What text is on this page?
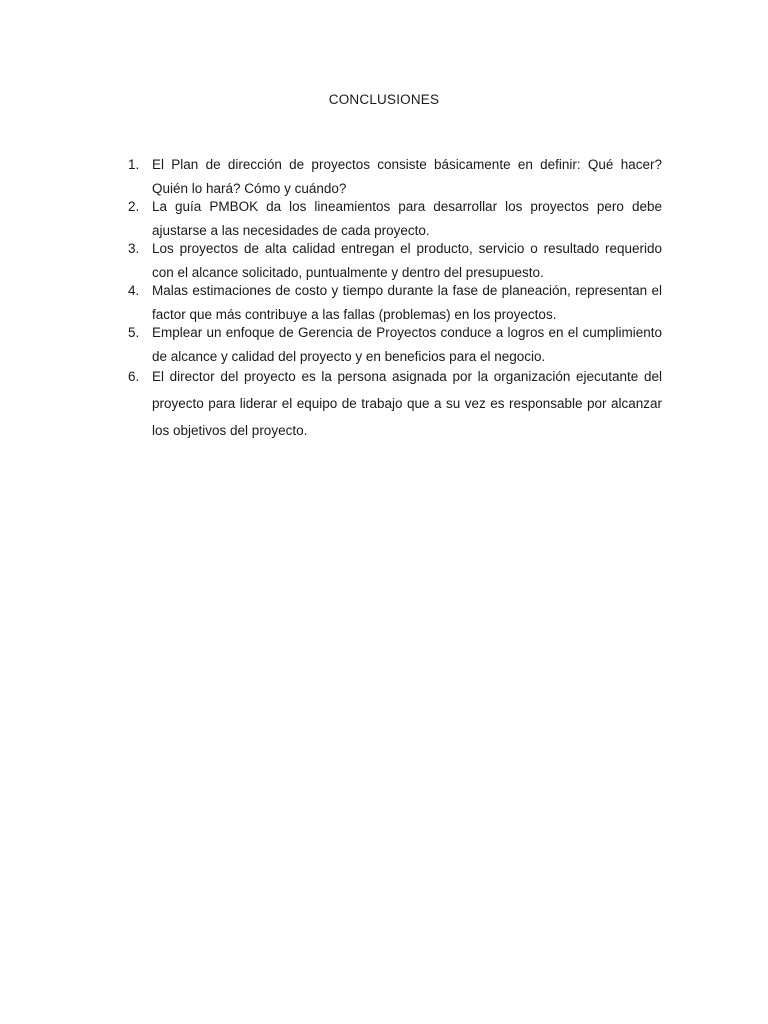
CONCLUSIONES
1. El Plan de dirección de proyectos consiste básicamente en definir: Qué hacer? Quién lo hará? Cómo y cuándo?
2. La guía PMBOK da los lineamientos para desarrollar los proyectos pero debe ajustarse a las necesidades de cada proyecto.
3. Los proyectos de alta calidad entregan el producto, servicio o resultado requerido con el alcance solicitado, puntualmente y dentro del presupuesto.
4. Malas estimaciones de costo y tiempo durante la fase de planeación, representan el factor que más contribuye a las fallas (problemas) en los proyectos.
5. Emplear un enfoque de Gerencia de Proyectos conduce a logros en el cumplimiento de alcance y calidad del proyecto y en beneficios para el negocio.
6. El director del proyecto es la persona asignada por la organización ejecutante del proyecto para liderar el equipo de trabajo que a su vez es responsable por alcanzar los objetivos del proyecto.
